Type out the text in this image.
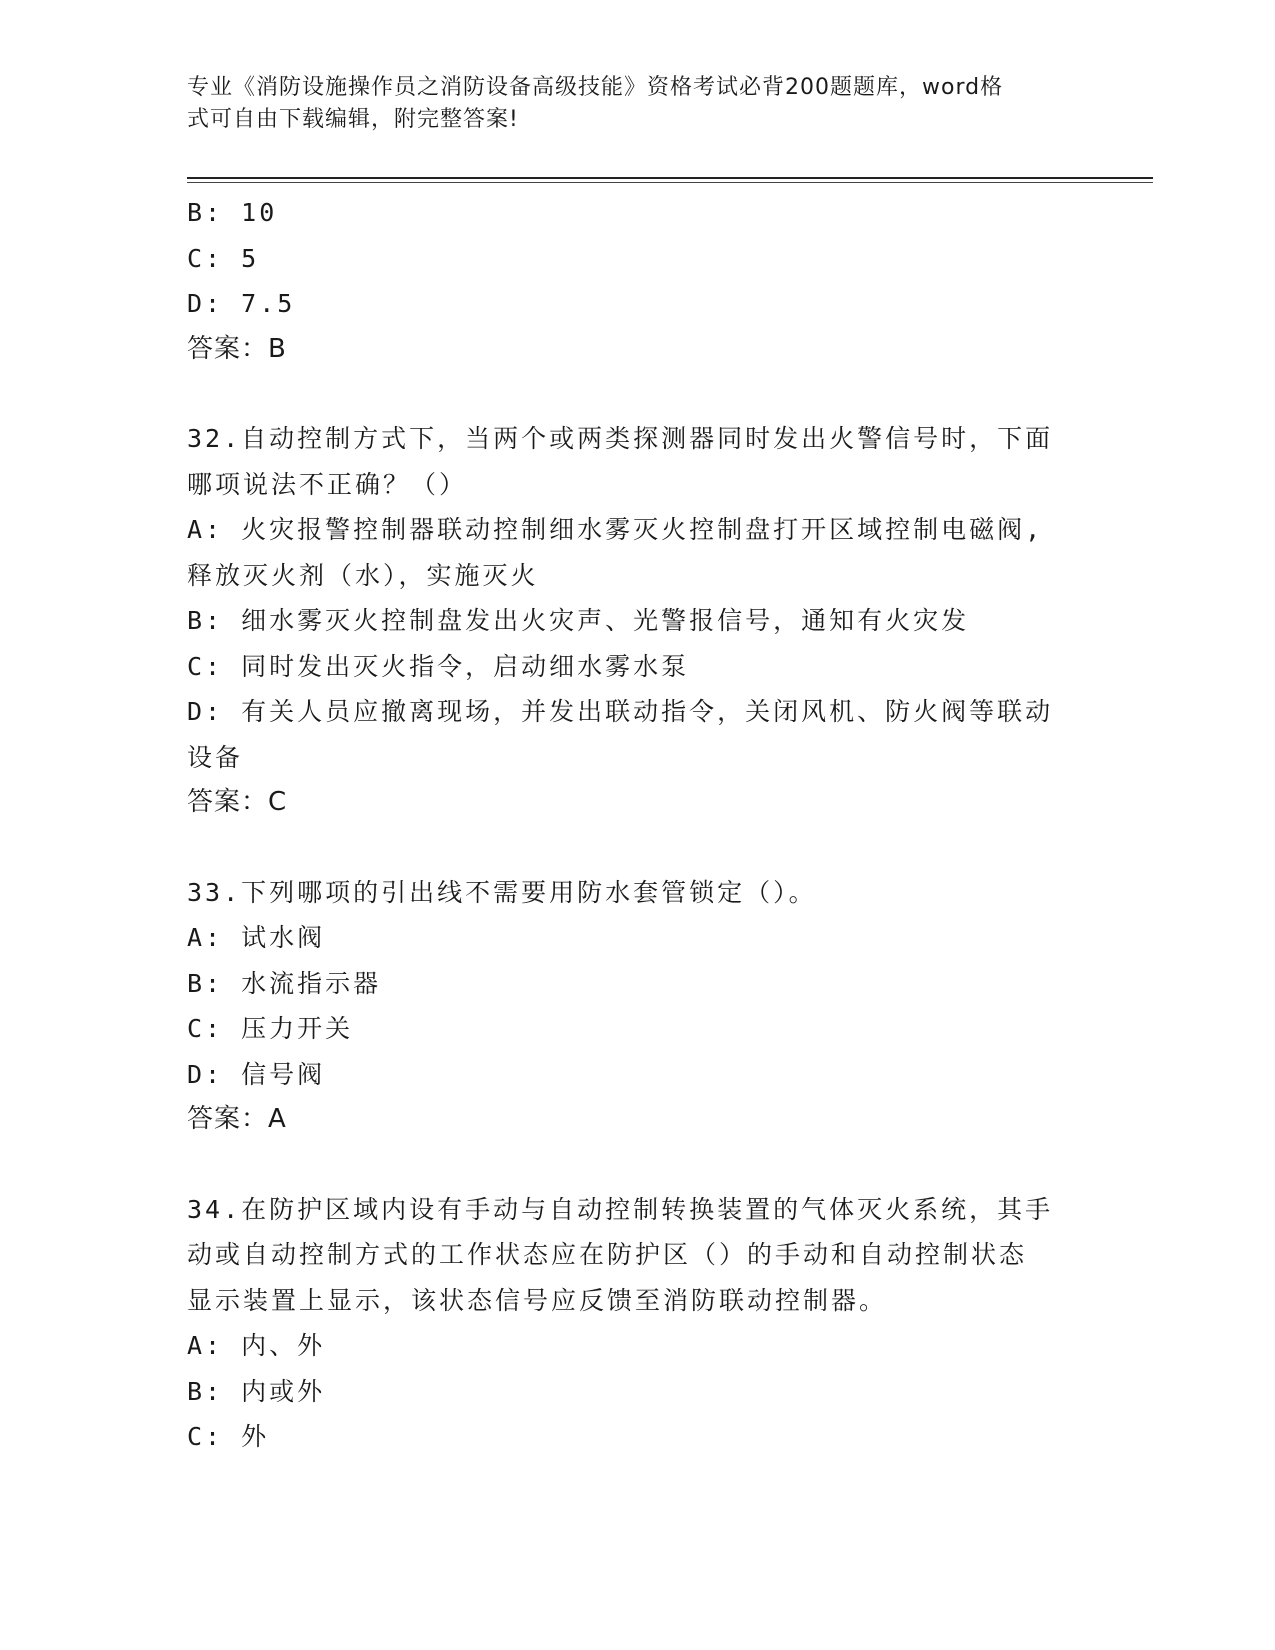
专业《消防设施操作员之消防设备高级技能》资格考试必背200题题库，word格
式可自由下载编辑，附完整答案!
B: 10
C: 5
D: 7.5
答案：B
32.自动控制方式下，当两个或两类探测器同时发出火警信号时，下面
哪项说法不正确？（）
A: 火灾报警控制器联动控制细水雾灭火控制盘打开区域控制电磁阀,
释放灭火剂（水），实施灭火
B: 细水雾灭火控制盘发出火灾声、光警报信号，通知有火灾发
C: 同时发出灭火指令，启动细水雾水泵
D: 有关人员应撤离现场，并发出联动指令，关闭风机、防火阀等联动
设备
答案：C
33.下列哪项的引出线不需要用防水套管锁定（）。
A: 试水阀
B: 水流指示器
C: 压力开关
D: 信号阀
答案：A
34.在防护区域内设有手动与自动控制转换装置的气体灭火系统，其手
动或自动控制方式的工作状态应在防护区（）的手动和自动控制状态
显示装置上显示，该状态信号应反馈至消防联动控制器。
A: 内、外
B: 内或外
C: 外
